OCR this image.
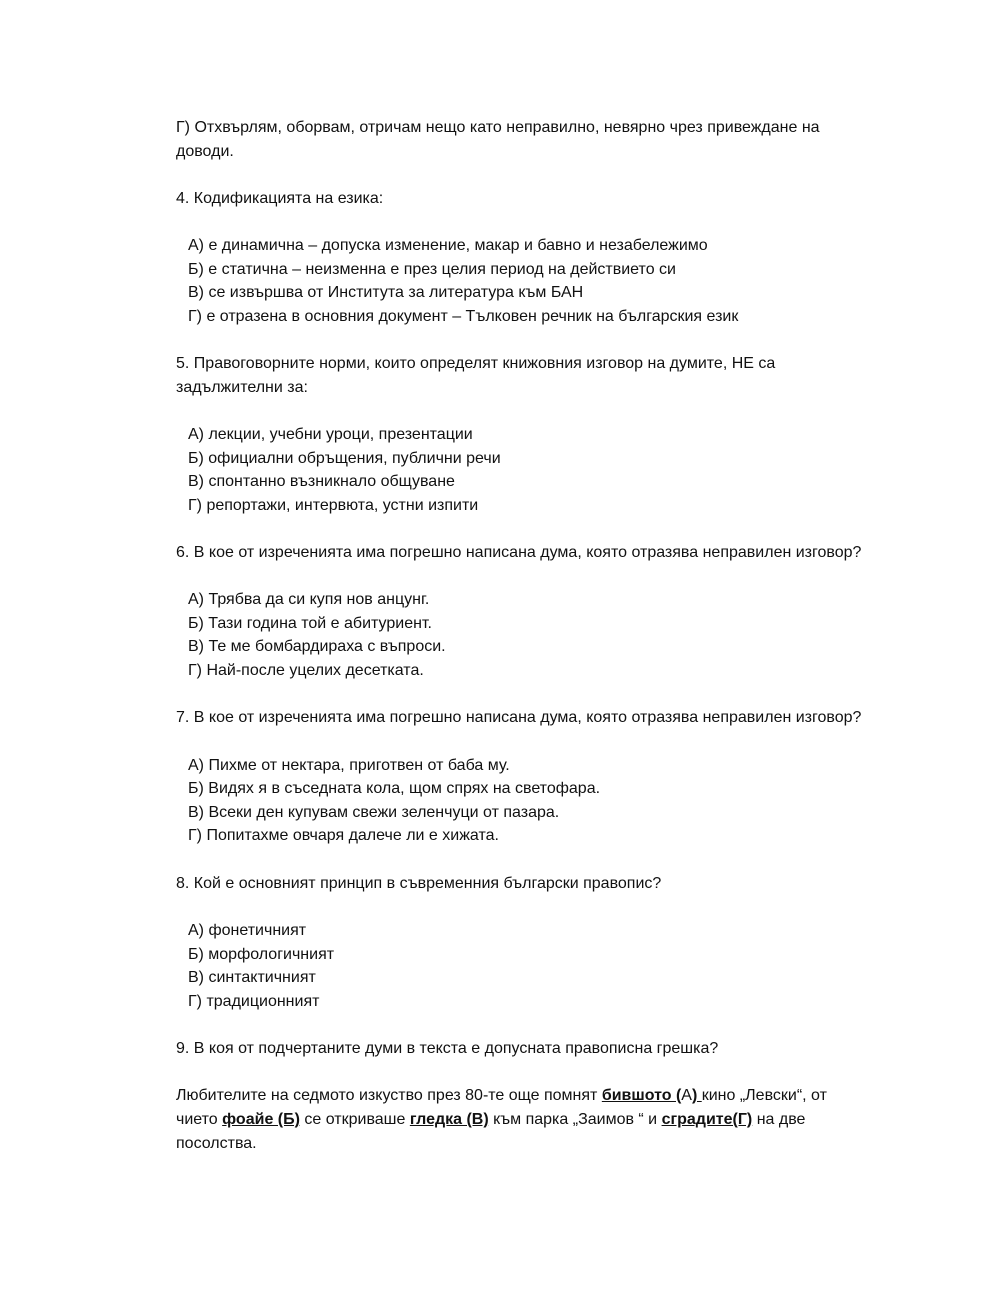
Г) Отхвърлям, оборвам, отричам нещо като неправилно, невярно чрез привеждане на
доводи.
4. Кодификацията на езика:
А) е динамична – допуска изменение, макар и бавно и незабележимо
Б) е статична – неизменна е през целия период на действието си
В) се извършва от Института за литература към БАН
Г) е отразена в основния документ – Тълковен речник на българския език
5. Правоговорните норми, които определят книжовния изговор на думите, НЕ са
задължителни за:
А) лекции, учебни уроци, презентации
Б) официални обръщения, публични речи
В) спонтанно възникнало общуване
Г) репортажи, интервюта, устни изпити
6. В кое от изреченията има погрешно написана дума, която отразява неправилен изговор?
А) Трябва да си купя нов анцунг.
Б) Тази година той е абитуриент.
В) Те ме бомбардираха с въпроси.
Г) Най-после уцелих десетката.
7. В кое от изреченията има погрешно написана дума, която отразява неправилен изговор?
А) Пихме от нектара, приготвен от баба му.
Б) Видях я в съседната кола, щом спрях на светофара.
В) Всеки ден купувам свежи зеленчуци от пазара.
Г) Попитахме овчаря далече ли е хижата.
8. Кой е основният принцип в съвременния български правопис?
А) фонетичният
Б) морфологичният
В) синтактичният
Г) традиционният
9. В коя от подчертаните думи в текста е допусната правописна грешка?
Любителите на седмото изкуство през 80-те още помнят бившото (А) кино „Левски“, от
чието фоайе (Б) се откриваше гледка (В) към парка „Заимов “ и сградите(Г) на две
посолства.
